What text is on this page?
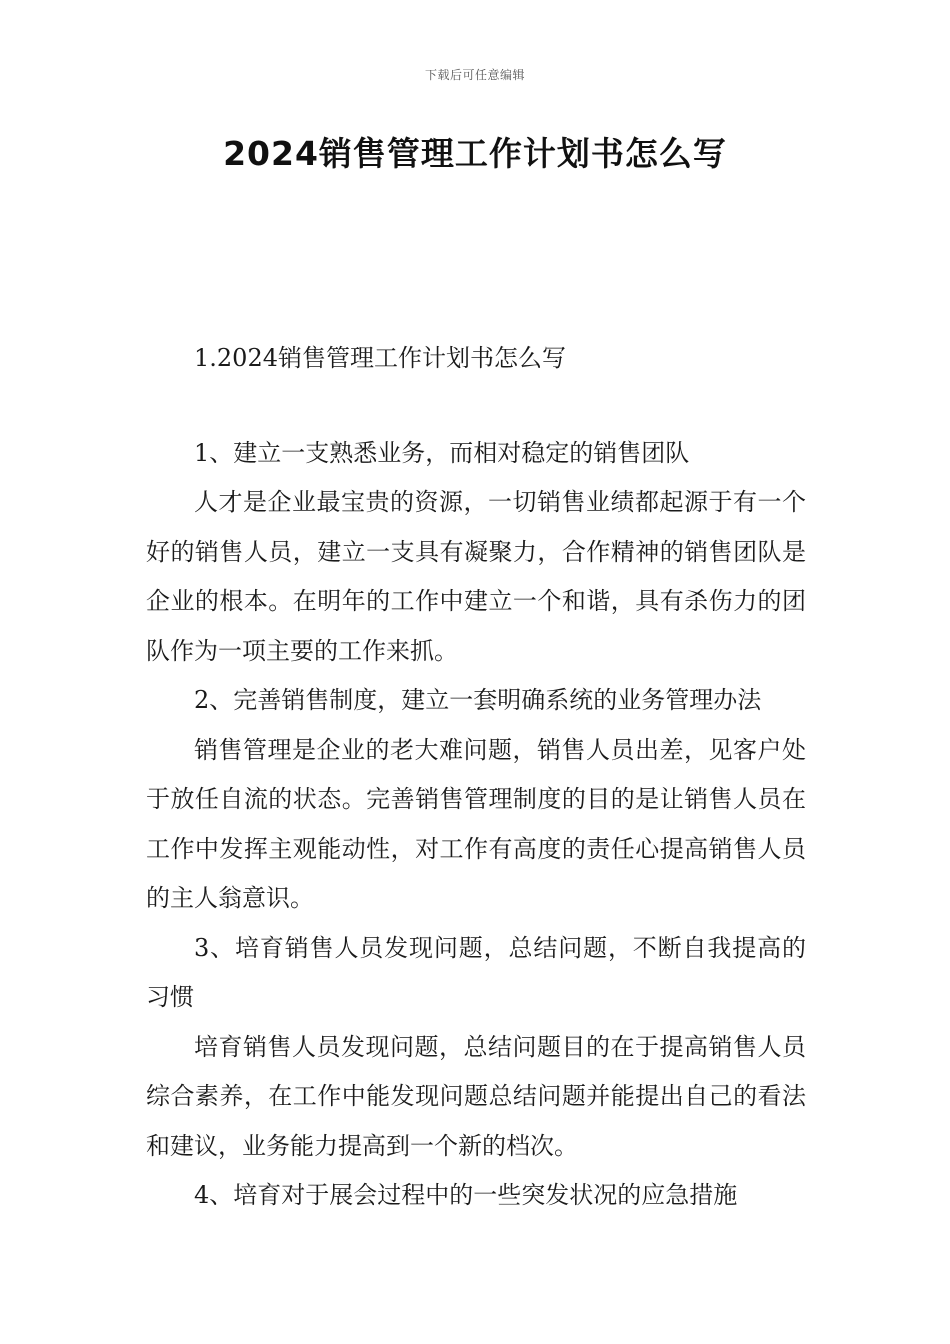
下载后可任意编辑
2024销售管理工作计划书怎么写

1.2024销售管理工作计划书怎么写

1、建立一支熟悉业务，而相对稳定的销售团队

人才是企业最宝贵的资源，一切销售业绩都起源于有一个好的销售人员，建立一支具有凝聚力，合作精神的销售团队是企业的根本。在明年的工作中建立一个和谐，具有杀伤力的团队作为一项主要的工作来抓。

2、完善销售制度，建立一套明确系统的业务管理办法

销售管理是企业的老大难问题，销售人员出差，见客户处于放任自流的状态。完善销售管理制度的目的是让销售人员在工作中发挥主观能动性，对工作有高度的责任心提高销售人员的主人翁意识。

3、培育销售人员发现问题，总结问题，不断自我提高的习惯

培育销售人员发现问题，总结问题目的在于提高销售人员综合素养，在工作中能发现问题总结问题并能提出自己的看法和建议，业务能力提高到一个新的档次。

4、培育对于展会过程中的一些突发状况的应急措施
